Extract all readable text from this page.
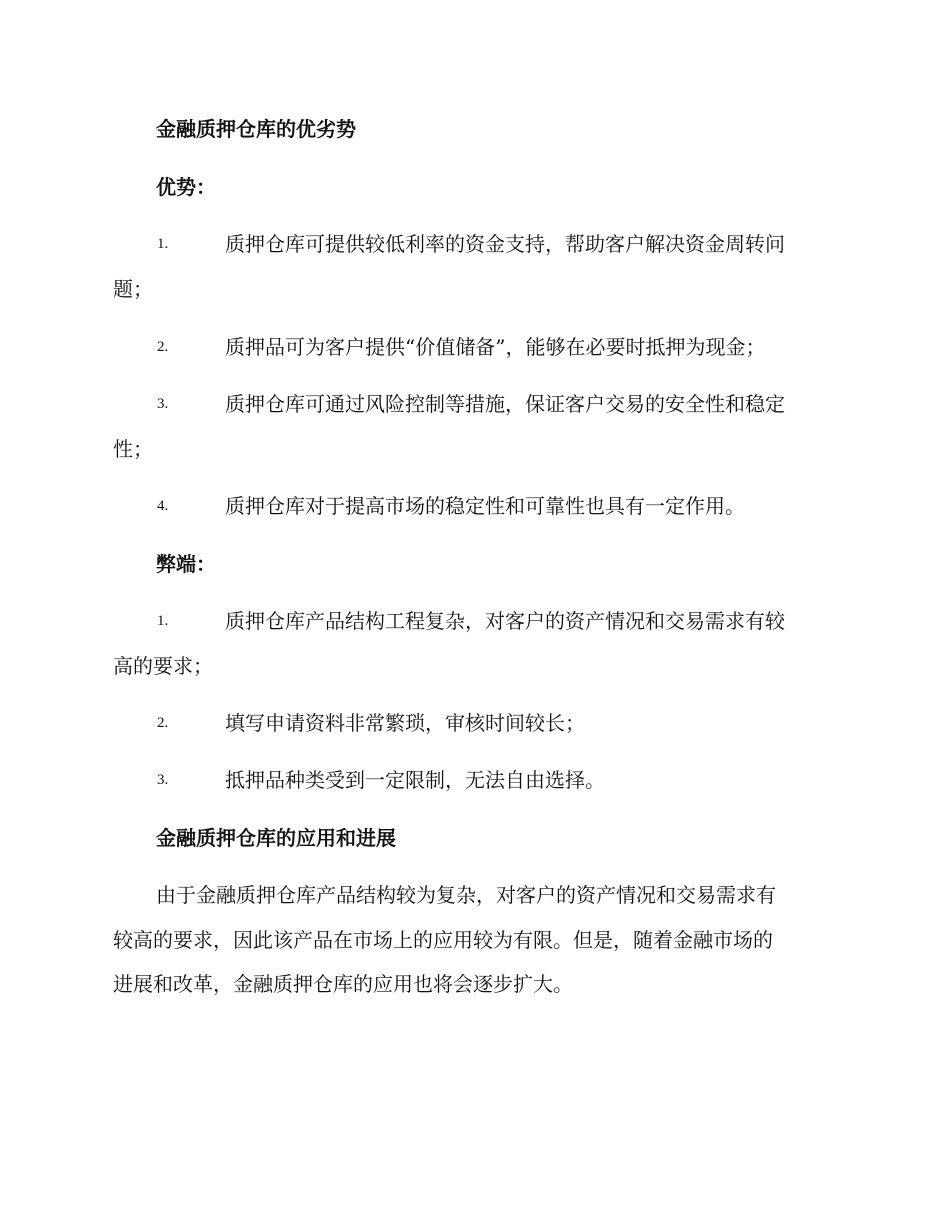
金融质押仓库的优劣势
优势：
1.	质押仓库可提供较低利率的资金支持，帮助客户解决资金周转问
题；
2.	质押品可为客户提供“价值储备”，能够在必要时抵押为现金；
3.	质押仓库可通过风险控制等措施，保证客户交易的安全性和稳定
性；
4.	质押仓库对于提高市场的稳定性和可靠性也具有一定作用。
弊端：
1.	质押仓库产品结构工程复杂，对客户的资产情况和交易需求有较
高的要求；
2.	填写申请资料非常繁琐，审核时间较长；
3.	抵押品种类受到一定限制，无法自由选择。
金融质押仓库的应用和进展
由于金融质押仓库产品结构较为复杂，对客户的资产情况和交易需求有
较高的要求，因此该产品在市场上的应用较为有限。但是，随着金融市场的
进展和改革，金融质押仓库的应用也将会逐步扩大。
